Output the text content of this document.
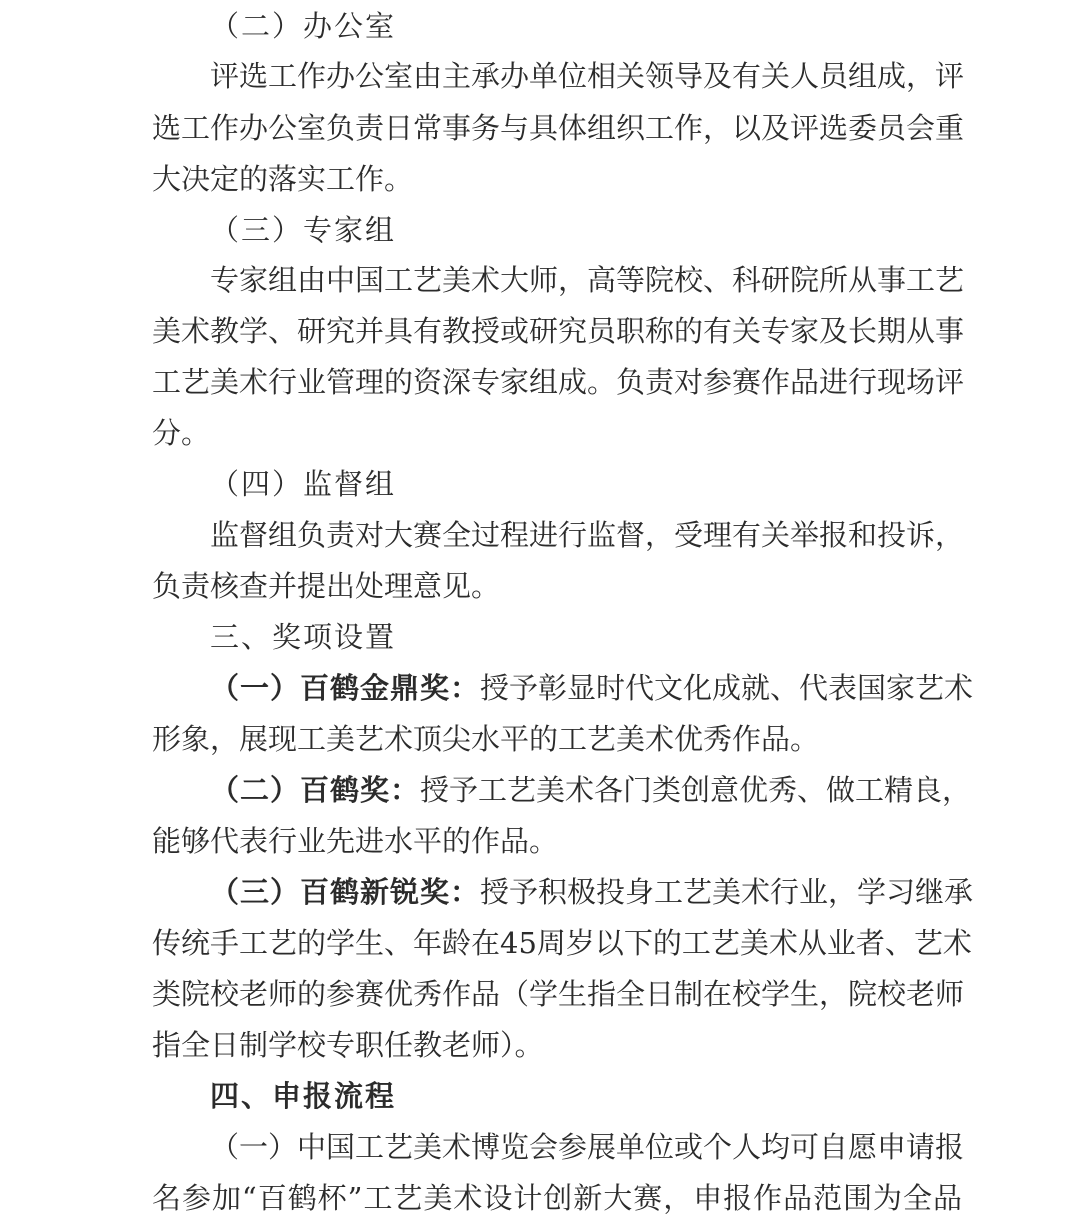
（二）办公室
评选工作办公室由主承办单位相关领导及有关人员组成，评
选工作办公室负责日常事务与具体组织工作，以及评选委员会重
大决定的落实工作。
（三）专家组
专家组由中国工艺美术大师，高等院校、科研院所从事工艺
美术教学、研究并具有教授或研究员职称的有关专家及长期从事
工艺美术行业管理的资深专家组成。负责对参赛作品进行现场评
分。
（四）监督组
监督组负责对大赛全过程进行监督，受理有关举报和投诉，
负责核查并提出处理意见。
三、奖项设置
（一）百鹤金鼎奖：授予彰显时代文化成就、代表国家艺术
形象，展现工美艺术顶尖水平的工艺美术优秀作品。
（二）百鹤奖：授予工艺美术各门类创意优秀、做工精良，
能够代表行业先进水平的作品。
（三）百鹤新锐奖：授予积极投身工艺美术行业，学习继承
传统手工艺的学生、年龄在45周岁以下的工艺美术从业者、艺术
类院校老师的参赛优秀作品（学生指全日制在校学生，院校老师
指全日制学校专职任教老师）。
四、申报流程
（一）中国工艺美术博览会参展单位或个人均可自愿申请报
名参加“百鹤杯”工艺美术设计创新大赛，申报作品范围为全品
